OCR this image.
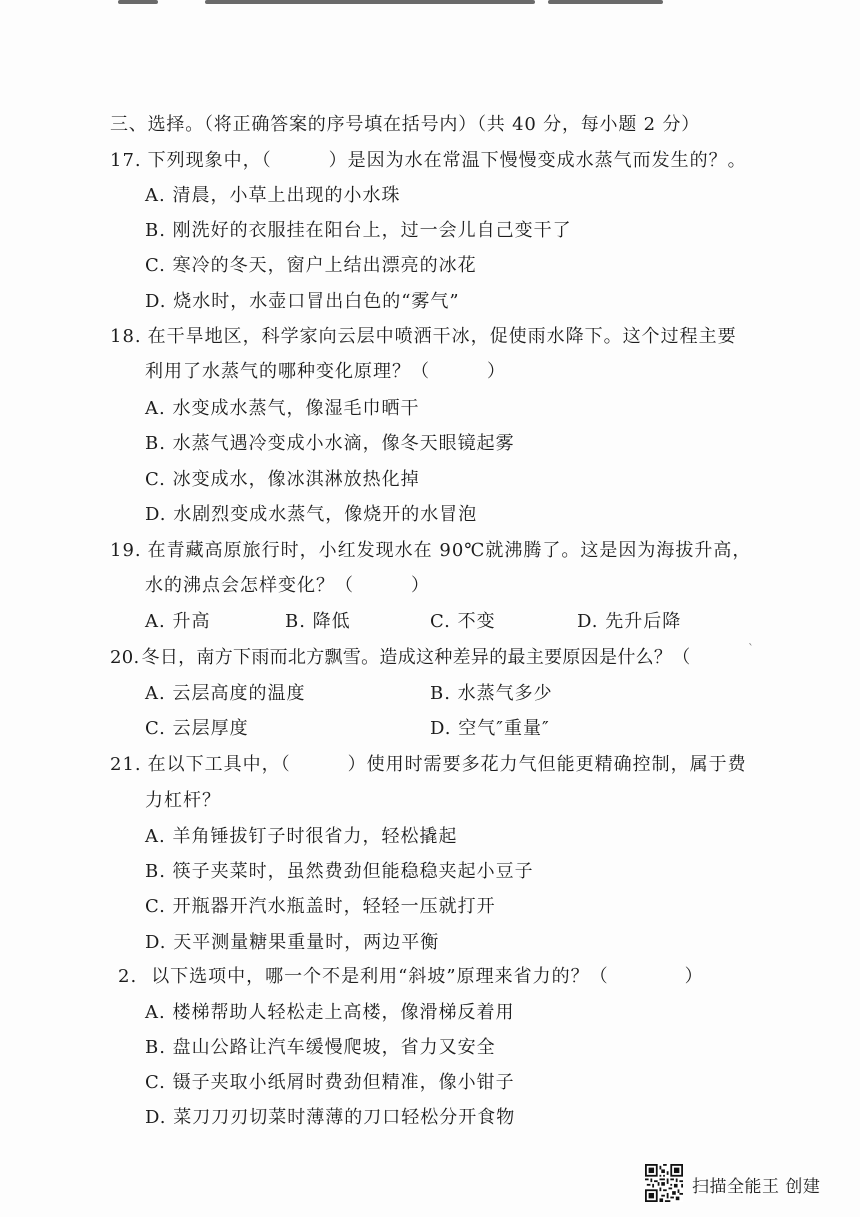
三、选择。（将正确答案的序号填在括号内）（共 40 分，每小题 2 分）
17. 下列现象中，（　　　）是因为水在常温下慢慢变成水蒸气而发生的？。
A. 清晨，小草上出现的小水珠
B. 刚洗好的衣服挂在阳台上，过一会儿自己变干了
C. 寒冷的冬天，窗户上结出漂亮的冰花
D. 烧水时，水壶口冒出白色的“雾气”
18. 在干旱地区，科学家向云层中喷洒干冰，促使雨水降下。这个过程主要
利用了水蒸气的哪种变化原理？（　　　）
A. 水变成水蒸气，像湿毛巾晒干
B. 水蒸气遇冷变成小水滴，像冬天眼镜起雾
C. 冰变成水，像冰淇淋放热化掉
D. 水剧烈变成水蒸气，像烧开的水冒泡
19. 在青藏高原旅行时，小红发现水在 90℃就沸腾了。这是因为海拔升高，
水的沸点会怎样变化？（　　　）
A. 升高	B. 降低	C. 不变	D. 先升后降
20. 冬日，南方下雨而北方飘雪。造成这种差异的最主要原因是什么？（	ˋ
A. 云层高度的温度	B. 水蒸气多少
C. 云层厚度	D. 空气″重量″
21. 在以下工具中，（　　　）使用时需要多花力气但能更精确控制，属于费
力杠杆？
A. 羊角锤拔钉子时很省力，轻松撬起
B. 筷子夹菜时，虽然费劲但能稳稳夹起小豆子
C. 开瓶器开汽水瓶盖时，轻轻一压就打开
D. 天平测量糖果重量时，两边平衡
2. 以下选项中，哪一个不是利用“斜坡”原理来省力的？（　　　　）
A. 楼梯帮助人轻松走上高楼，像滑梯反着用
B. 盘山公路让汽车缓慢爬坡，省力又安全
C. 镊子夹取小纸屑时费劲但精准，像小钳子
D. 菜刀刀刃切菜时薄薄的刀口轻松分开食物
扫描全能王 创建
